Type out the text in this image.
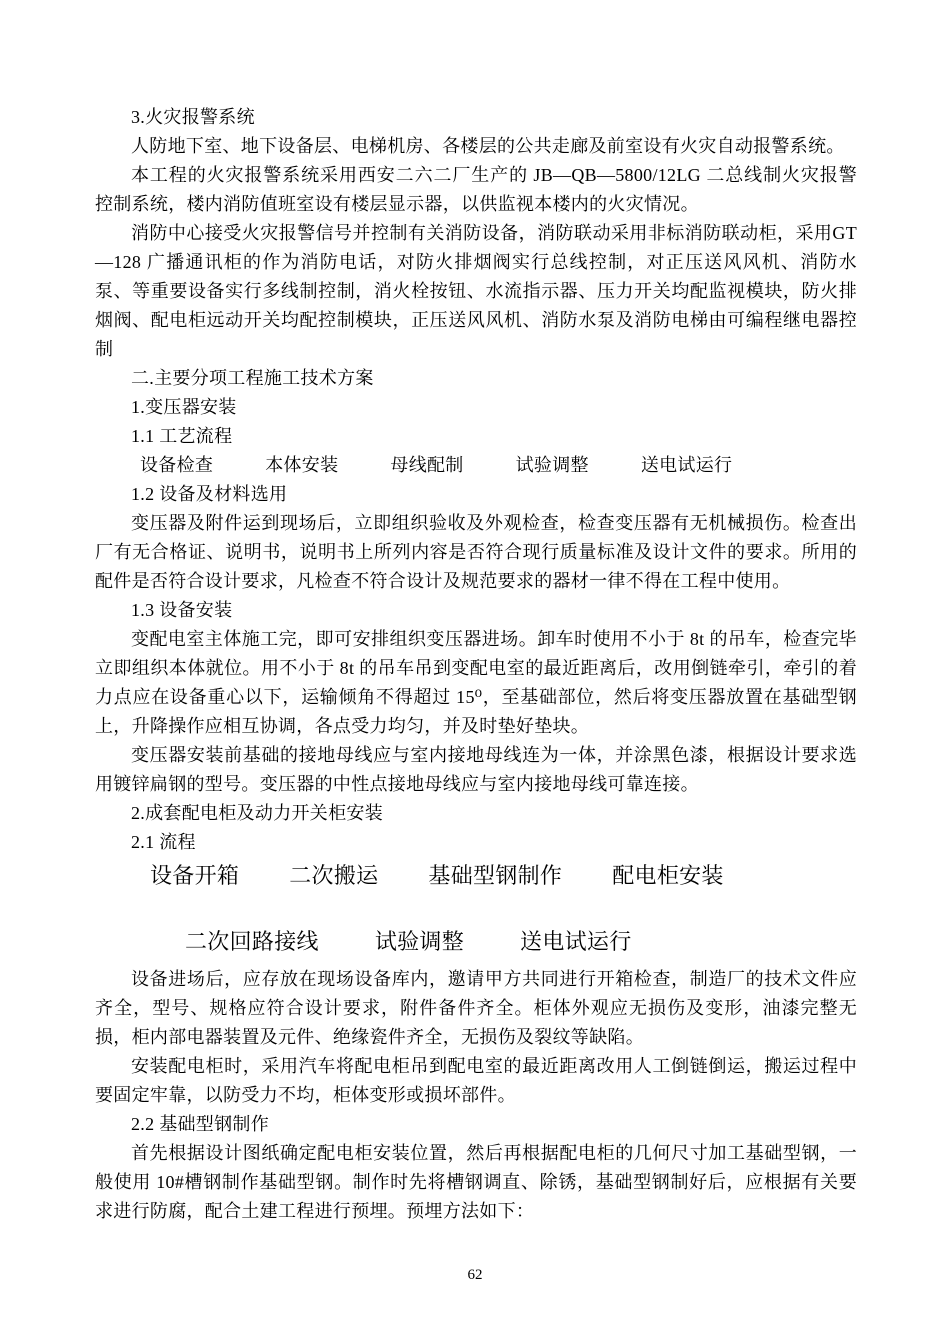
3.火灾报警系统

人防地下室、地下设备层、电梯机房、各楼层的公共走廊及前室设有火灾自动报警系统。

本工程的火灾报警系统采用西安二六二厂生产的 JB—QB—5800/12LG 二总线制火灾报警控制系统，楼内消防值班室设有楼层显示器，以供监视本楼内的火灾情况。

消防中心接受火灾报警信号并控制有关消防设备，消防联动采用非标消防联动柜，采用GT—128 广播通讯柜的作为消防电话，对防火排烟阀实行总线控制，对正压送风风机、消防水泵、等重要设备实行多线制控制，消火栓按钮、水流指示器、压力开关均配监视模块，防火排烟阀、配电柜远动开关均配控制模块，正压送风风机、消防水泵及消防电梯由可编程继电器控制

二.主要分项工程施工技术方案

1.变压器安装

1.1 工艺流程

设备检查	本体安装	母线配制	试验调整	送电试运行

1.2 设备及材料选用

变压器及附件运到现场后，立即组织验收及外观检查，检查变压器有无机械损伤。检查出厂有无合格证、说明书，说明书上所列内容是否符合现行质量标准及设计文件的要求。所用的配件是否符合设计要求，凡检查不符合设计及规范要求的器材一律不得在工程中使用。

1.3 设备安装

变配电室主体施工完，即可安排组织变压器进场。卸车时使用不小于 8t 的吊车，检查完毕立即组织本体就位。用不小于 8t 的吊车吊到变配电室的最近距离后，改用倒链牵引，牵引的着力点应在设备重心以下，运输倾角不得超过 15⁰，至基础部位，然后将变压器放置在基础型钢上，升降操作应相互协调，各点受力均匀，并及时垫好垫块。

变压器安装前基础的接地母线应与室内接地母线连为一体，并涂黑色漆，根据设计要求选用镀锌扁钢的型号。变压器的中性点接地母线应与室内接地母线可靠连接。

2.成套配电柜及动力开关柜安装

2.1 流程

设备开箱 二次搬运 基础型钢制作 配电柜安装

二次回路接线	试验调整	送电试运行

设备进场后，应存放在现场设备库内，邀请甲方共同进行开箱检查，制造厂的技术文件应齐全，型号、规格应符合设计要求，附件备件齐全。柜体外观应无损伤及变形，油漆完整无损，柜内部电器装置及元件、绝缘瓷件齐全，无损伤及裂纹等缺陷。

安装配电柜时，采用汽车将配电柜吊到配电室的最近距离改用人工倒链倒运，搬运过程中要固定牢靠，以防受力不均，柜体变形或损坏部件。

2.2 基础型钢制作

首先根据设计图纸确定配电柜安装位置，然后再根据配电柜的几何尺寸加工基础型钢，一般使用 10#槽钢制作基础型钢。制作时先将槽钢调直、除锈，基础型钢制好后，应根据有关要求进行防腐，配合土建工程进行预埋。预埋方法如下：

62
